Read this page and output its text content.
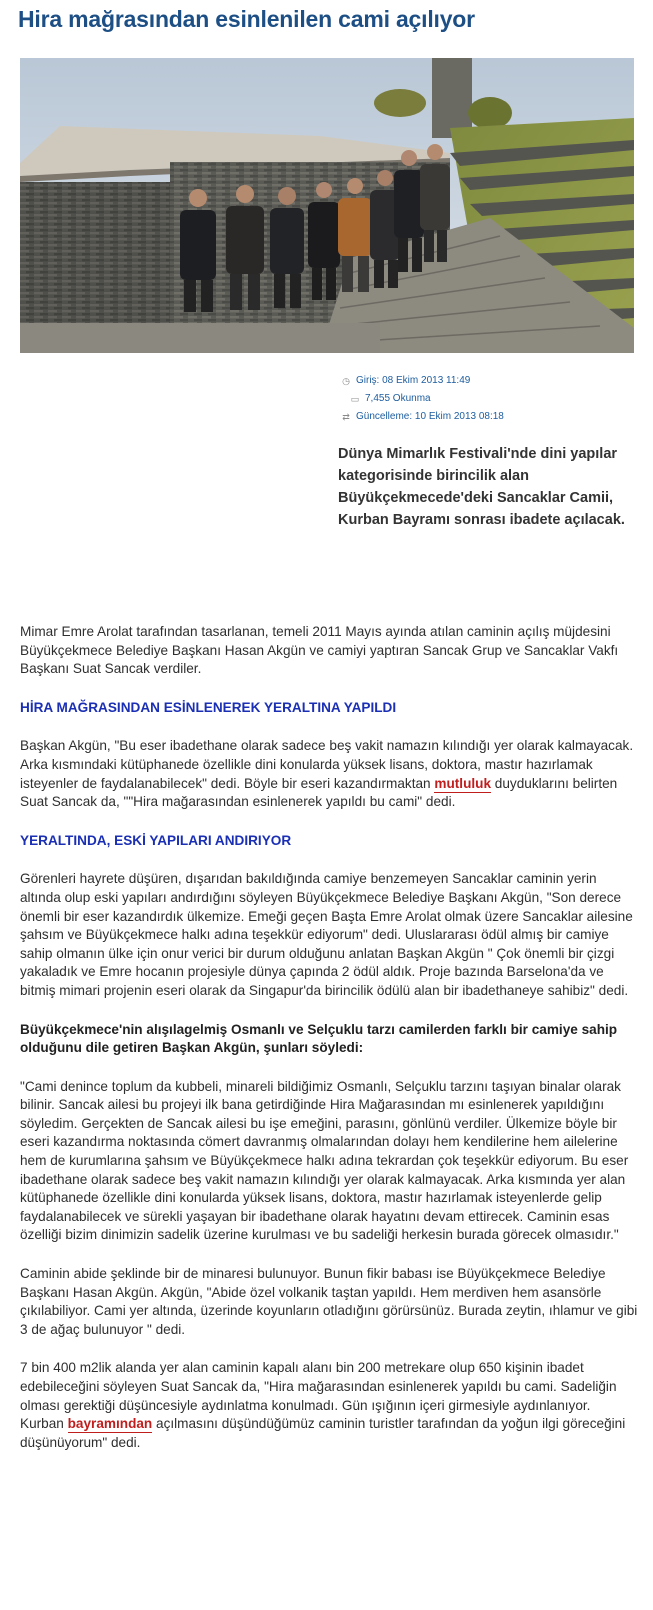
Hira mağrasından esinlenilen cami açılıyor
◷ Giriş: 08 Ekim 2013 11:49
▭ 7,455 Okunma
⇄ Güncelleme: 10 Ekim 2013 08:18

Dünya Mimarlık Festivali'nde dini yapılar kategorisinde birincilik alan Büyükçekmecede'deki Sancaklar Camii, Kurban Bayramı sonrası ibadete açılacak.

Mimar Emre Arolat tarafından tasarlanan, temeli 2011 Mayıs ayında atılan caminin açılış müjdesini Büyükçekmece Belediye Başkanı Hasan Akgün ve camiyi yaptıran Sancak Grup ve Sancaklar Vakfı Başkanı Suat Sancak verdiler.

HİRA MAĞRASINDAN ESİNLENEREK YERALTINA YAPILDI

Başkan Akgün, "Bu eser ibadethane olarak sadece beş vakit namazın kılındığı yer olarak kalmayacak. Arka kısmındaki kütüphanede özellikle dini konularda yüksek lisans, doktora, mastır hazırlamak isteyenler de faydalanabilecek" dedi. Böyle bir eseri kazandırmaktan mutluluk duyduklarını belirten Suat Sancak da, ""Hira mağarasından esinlenerek yapıldı bu cami" dedi.

YERALTINDA, ESKİ YAPILARI ANDIRIYOR

Görenleri hayrete düşüren, dışarıdan bakıldığında camiye benzemeyen Sancaklar caminin yerin altında olup eski yapıları andırdığını söyleyen Büyükçekmece Belediye Başkanı Akgün, "Son derece önemli bir eser kazandırdık ülkemize. Emeği geçen Başta Emre Arolat olmak üzere Sancaklar ailesine şahsım ve Büyükçekmece halkı adına teşekkür ediyorum" dedi. Uluslararası ödül almış bir camiye sahip olmanın ülke için onur verici bir durum olduğunu anlatan Başkan Akgün " Çok önemli bir çizgi yakaladık ve Emre hocanın projesiyle dünya çapında 2 ödül aldık. Proje bazında Barselona'da ve bitmiş mimari projenin eseri olarak da Singapur'da birincilik ödülü alan bir ibadethaneye sahibiz" dedi.

Büyükçekmece'nin alışılagelmiş Osmanlı ve Selçuklu tarzı camilerden farklı bir camiye sahip olduğunu dile getiren Başkan Akgün, şunları söyledi:

"Cami denince toplum da kubbeli, minareli bildiğimiz Osmanlı, Selçuklu tarzını taşıyan binalar olarak bilinir. Sancak ailesi bu projeyi ilk bana getirdiğinde Hira Mağarasından mı esinlenerek yapıldığını söyledim. Gerçekten de Sancak ailesi bu işe emeğini, parasını, gönlünü verdiler. Ülkemize böyle bir eseri kazandırma noktasında cömert davranmış olmalarından dolayı hem kendilerine hem ailelerine hem de kurumlarına şahsım ve Büyükçekmece halkı adına tekrardan çok teşekkür ediyorum. Bu eser ibadethane olarak sadece beş vakit namazın kılındığı yer olarak kalmayacak. Arka kısmında yer alan kütüphanede özellikle dini konularda yüksek lisans, doktora, mastır hazırlamak isteyenlerde gelip faydalanabilecek ve sürekli yaşayan bir ibadethane olarak hayatını devam ettirecek. Caminin esas özelliği bizim dinimizin sadelik üzerine kurulması ve bu sadeliği herkesin burada görecek olmasıdır."

Caminin abide şeklinde bir de minaresi bulunuyor. Bunun fikir babası ise Büyükçekmece Belediye Başkanı Hasan Akgün. Akgün, "Abide özel volkanik taştan yapıldı. Hem merdiven hem asansörle çıkılabiliyor. Cami yer altında, üzerinde koyunların otladığını görürsünüz. Burada zeytin, ıhlamur ve gibi 3 de ağaç bulunuyor " dedi.

7 bin 400 m2lik alanda yer alan caminin kapalı alanı bin 200 metrekare olup 650 kişinin ibadet edebileceğini söyleyen Suat Sancak da, "Hira mağarasından esinlenerek yapıldı bu cami. Sadeliğin olması gerektiği düşüncesiyle aydınlatma konulmadı. Gün ışığının içeri girmesiyle aydınlanıyor. Kurban bayramından açılmasını düşündüğümüz caminin turistler tarafından da yoğun ilgi göreceğini düşünüyorum" dedi.
